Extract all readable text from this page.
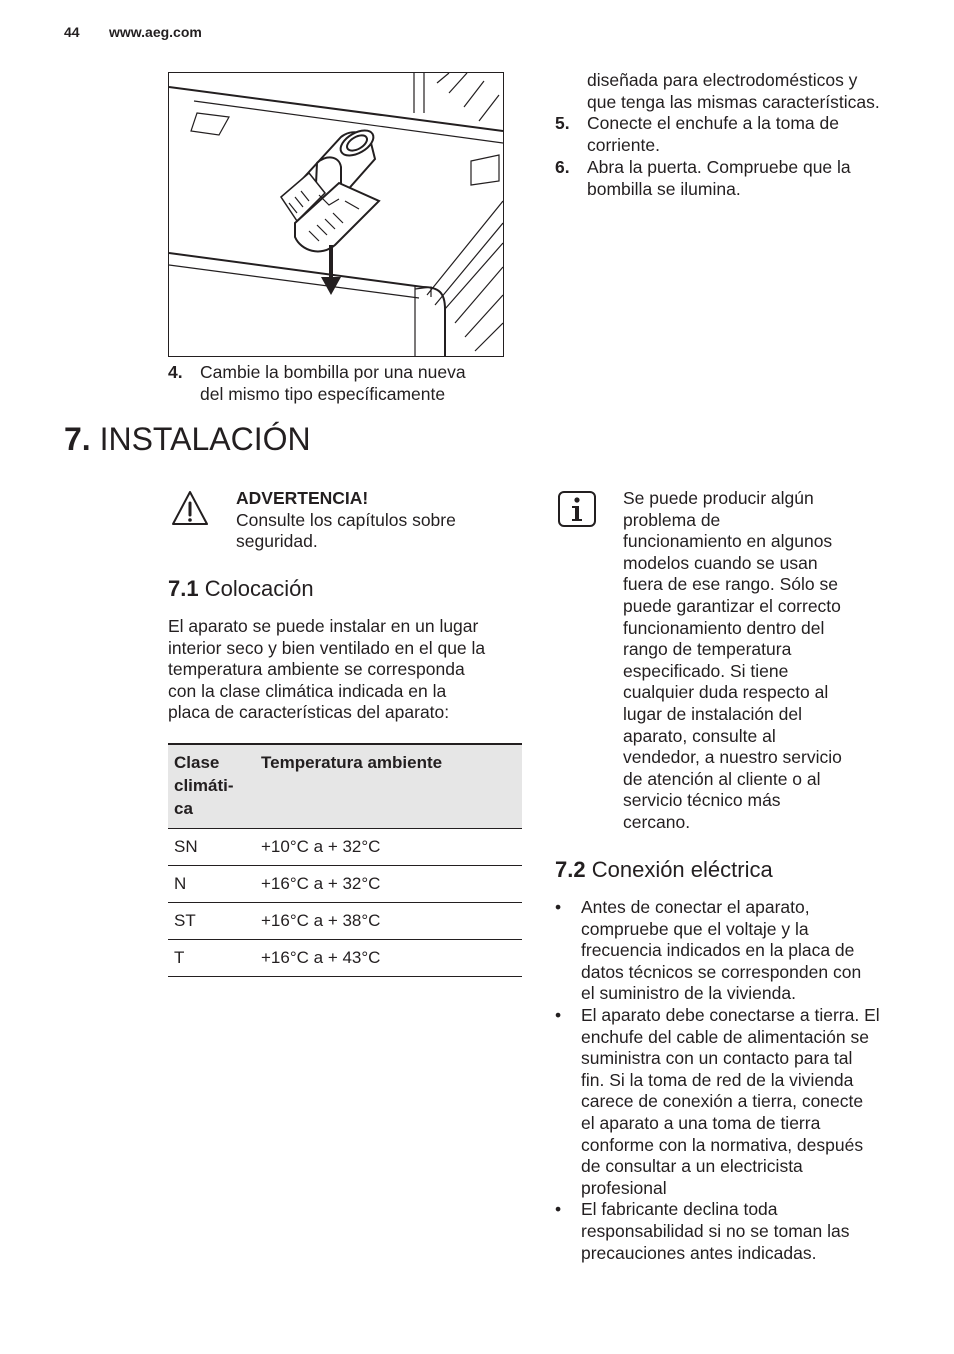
44 www.aeg.com
4. Cambie la bombilla por una nueva
del mismo tipo específicamente
diseñada para electrodomésticos y
que tenga las mismas características.
5. Conecte el enchufe a la toma de
corriente.
6. Abra la puerta. Compruebe que la
bombilla se ilumina.
7. INSTALACIÓN
ADVERTENCIA!
Consulte los capítulos sobre
seguridad.
7.1 Colocación
El aparato se puede instalar en un lugar
interior seco y bien ventilado en el que la
temperatura ambiente se corresponda
con la clase climática indicada en la
placa de características del aparato:
Clase
climáti-
ca	Temperatura ambiente

SN	+10°C a + 32°C
N	+16°C a + 32°C
ST	+16°C a + 38°C
T	+16°C a + 43°C
Se puede producir algún
problema de
funcionamiento en algunos
modelos cuando se usan
fuera de ese rango. Sólo se
puede garantizar el correcto
funcionamiento dentro del
rango de temperatura
especificado. Si tiene
cualquier duda respecto al
lugar de instalación del
aparato, consulte al
vendedor, a nuestro servicio
de atención al cliente o al
servicio técnico más
cercano.
7.2 Conexión eléctrica
• Antes de conectar el aparato,
compruebe que el voltaje y la
frecuencia indicados en la placa de
datos técnicos se corresponden con
el suministro de la vivienda.
• El aparato debe conectarse a tierra. El
enchufe del cable de alimentación se
suministra con un contacto para tal
fin. Si la toma de red de la vivienda
carece de conexión a tierra, conecte
el aparato a una toma de tierra
conforme con la normativa, después
de consultar a un electricista
profesional
• El fabricante declina toda
responsabilidad si no se toman las
precauciones antes indicadas.
